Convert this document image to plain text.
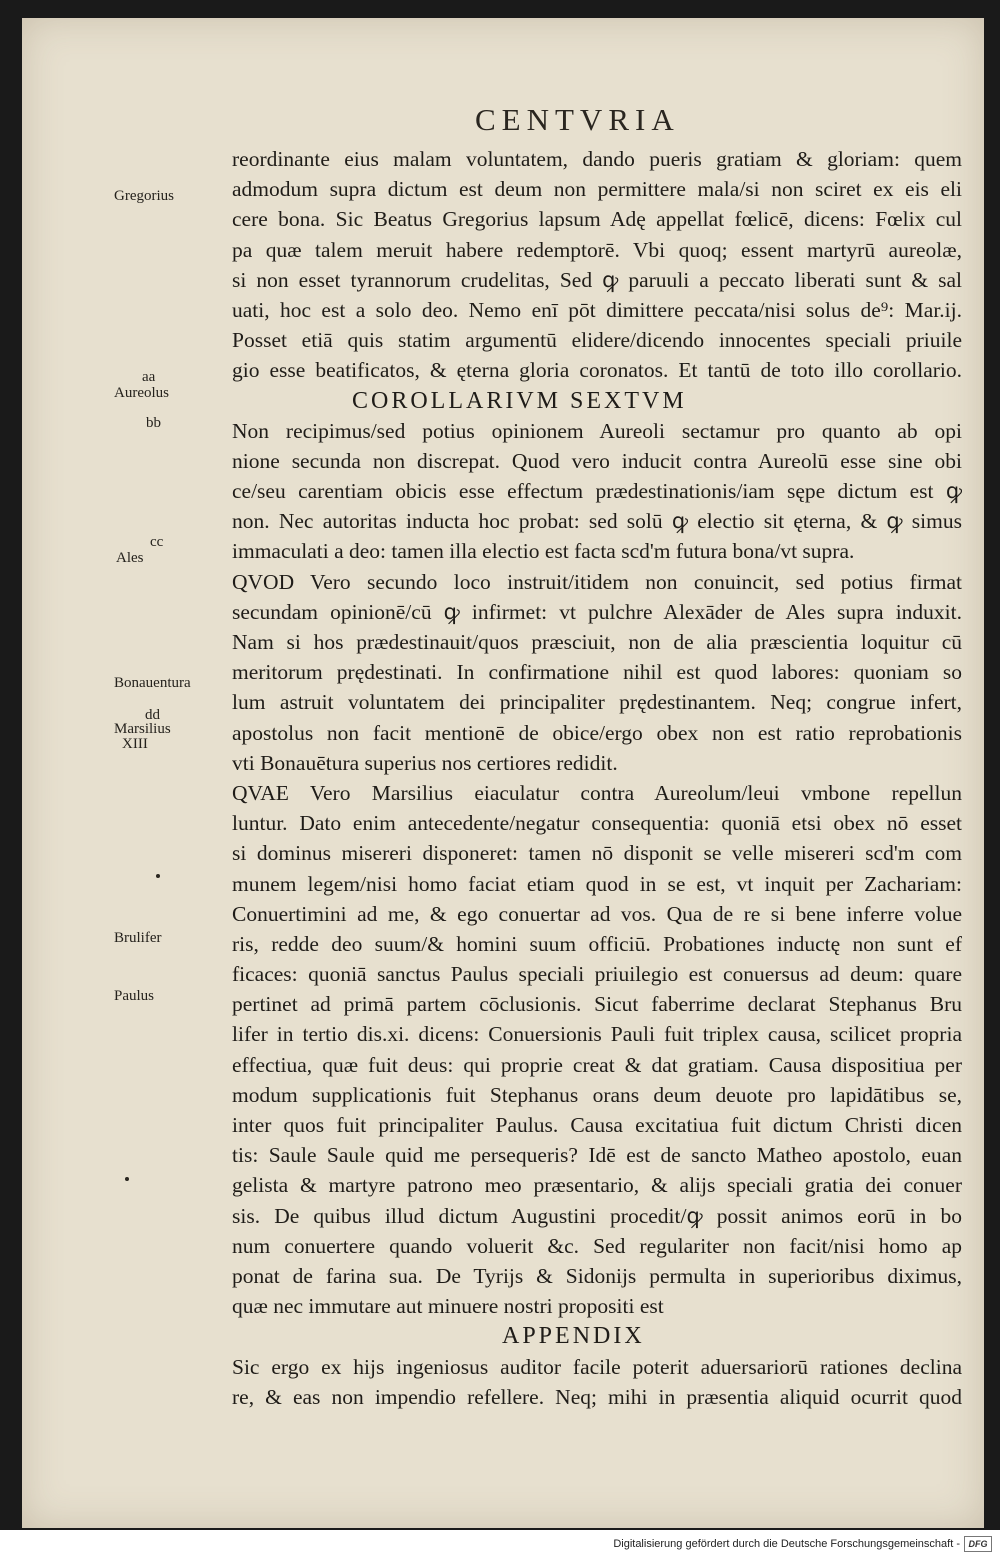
CENTVRIA
Gregorius
aa
Aureolus
bb
cc
Ales
Bonauentura
dd
Marsilius
XIII
Brulifer
Paulus
reordinante eius malam voluntatem, dando pueris gratiam & gloriam: quem
admodum supra dictum est deum non permittere mala/si non sciret ex eis eli
cere bona. Sic Beatus Gregorius lapsum Adę appellat fœlicē, dicens: Fœlix cul
pa quæ talem meruit habere redemptorē. Vbi quoq; essent martyrū aureolæ,
si non esset tyrannorum crudelitas, Sed ꝙ paruuli a peccato liberati sunt & sal
uati, hoc est a solo deo. Nemo enī pōt dimittere peccata/nisi solus de⁹: Mar.ij.
Posset etiā quis statim argumentū elidere/dicendo innocentes speciali priuile
gio esse beatificatos, & ęterna gloria coronatos. Et tantū de toto illo corollario.
COROLLARIVM SEXTVM
Non recipimus/sed potius opinionem Aureoli sectamur pro quanto ab opi
nione secunda non discrepat. Quod vero inducit contra Aureolū esse sine obi
ce/seu carentiam obicis esse effectum prædestinationis/iam sępe dictum est ꝙ
non. Nec autoritas inducta hoc probat: sed solū ꝙ electio sit ęterna, & ꝙ simus
immaculati a deo: tamen illa electio est facta scd'm futura bona/vt supra.
QVOD Vero secundo loco instruit/itidem non conuincit, sed potius firmat
secundam opinionē/cū ꝙ infirmet: vt pulchre Alexāder de Ales supra induxit.
Nam si hos prædestinauit/quos præsciuit, non de alia præscientia loquitur cū
meritorum prędestinati. In confirmatione nihil est quod labores: quoniam so
lum astruit voluntatem dei principaliter prędestinantem. Neq; congrue infert,
apostolus non facit mentionē de obice/ergo obex non est ratio reprobationis
vti Bonauētura superius nos certiores redidit.
QVAE Vero Marsilius eiaculatur contra Aureolum/leui vmbone repellun
luntur. Dato enim antecedente/negatur consequentia: quoniā etsi obex nō esset
si dominus misereri disponeret: tamen nō disponit se velle misereri scd'm com
munem legem/nisi homo faciat etiam quod in se est, vt inquit per Zachariam:
Conuertimini ad me, & ego conuertar ad vos. Qua de re si bene inferre volue
ris, redde deo suum/& homini suum officiū. Probationes inductę non sunt ef
ficaces: quoniā sanctus Paulus speciali priuilegio est conuersus ad deum: quare
pertinet ad primā partem cōclusionis. Sicut faberrime declarat Stephanus Bru
lifer in tertio dis.xi. dicens: Conuersionis Pauli fuit triplex causa, scilicet propria
effectiua, quæ fuit deus: qui proprie creat & dat gratiam. Causa dispositiua per
modum supplicationis fuit Stephanus orans deum deuote pro lapidātibus se,
inter quos fuit principaliter Paulus. Causa excitatiua fuit dictum Christi dicen
tis: Saule Saule quid me persequeris? Idē est de sancto Matheo apostolo, euan
gelista & martyre patrono meo præsentario, & alijs speciali gratia dei conuer
sis. De quibus illud dictum Augustini procedit/ꝙ possit animos eorū in bo
num conuertere quando voluerit &c. Sed regulariter non facit/nisi homo ap
ponat de farina sua. De Tyrijs & Sidonijs permulta in superioribus diximus,
quæ nec immutare aut minuere nostri propositi est
APPENDIX
Sic ergo ex hijs ingeniosus auditor facile poterit aduersariorū rationes declina
re, & eas non impendio refellere. Neq; mihi in præsentia aliquid ocurrit quod
Digitalisierung gefördert durch die Deutsche Forschungsgemeinschaft - DFG
